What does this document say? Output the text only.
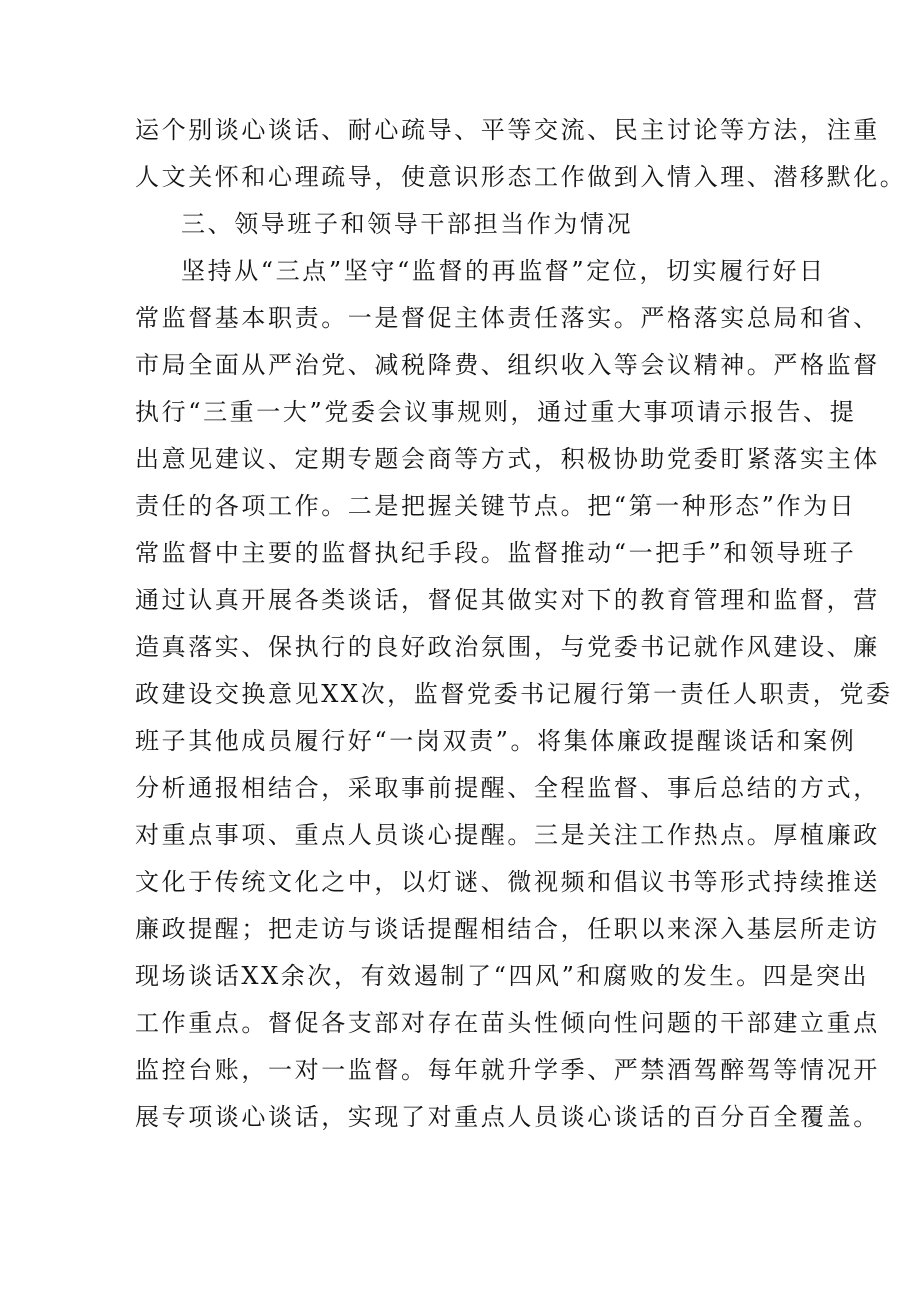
运个别谈心谈话、耐心疏导、平等交流、民主讨论等方法，注重
人文关怀和心理疏导，使意识形态工作做到入情入理、潜移默化。
三、领导班子和领导干部担当作为情况
坚持从“三点”坚守“监督的再监督”定位，切实履行好日
常监督基本职责。一是督促主体责任落实。严格落实总局和省、
市局全面从严治党、减税降费、组织收入等会议精神。严格监督
执行“三重一大”党委会议事规则，通过重大事项请示报告、提
出意见建议、定期专题会商等方式，积极协助党委盯紧落实主体
责任的各项工作。二是把握关键节点。把“第一种形态”作为日
常监督中主要的监督执纪手段。监督推动“一把手”和领导班子
通过认真开展各类谈话，督促其做实对下的教育管理和监督，营
造真落实、保执行的良好政治氛围，与党委书记就作风建设、廉
政建设交换意见XX次，监督党委书记履行第一责任人职责，党委
班子其他成员履行好“一岗双责”。将集体廉政提醒谈话和案例
分析通报相结合，采取事前提醒、全程监督、事后总结的方式，
对重点事项、重点人员谈心提醒。三是关注工作热点。厚植廉政
文化于传统文化之中，以灯谜、微视频和倡议书等形式持续推送
廉政提醒；把走访与谈话提醒相结合，任职以来深入基层所走访
现场谈话XX余次，有效遏制了“四风”和腐败的发生。四是突出
工作重点。督促各支部对存在苗头性倾向性问题的干部建立重点
监控台账，一对一监督。每年就升学季、严禁酒驾醉驾等情况开
展专项谈心谈话，实现了对重点人员谈心谈话的百分百全覆盖。
